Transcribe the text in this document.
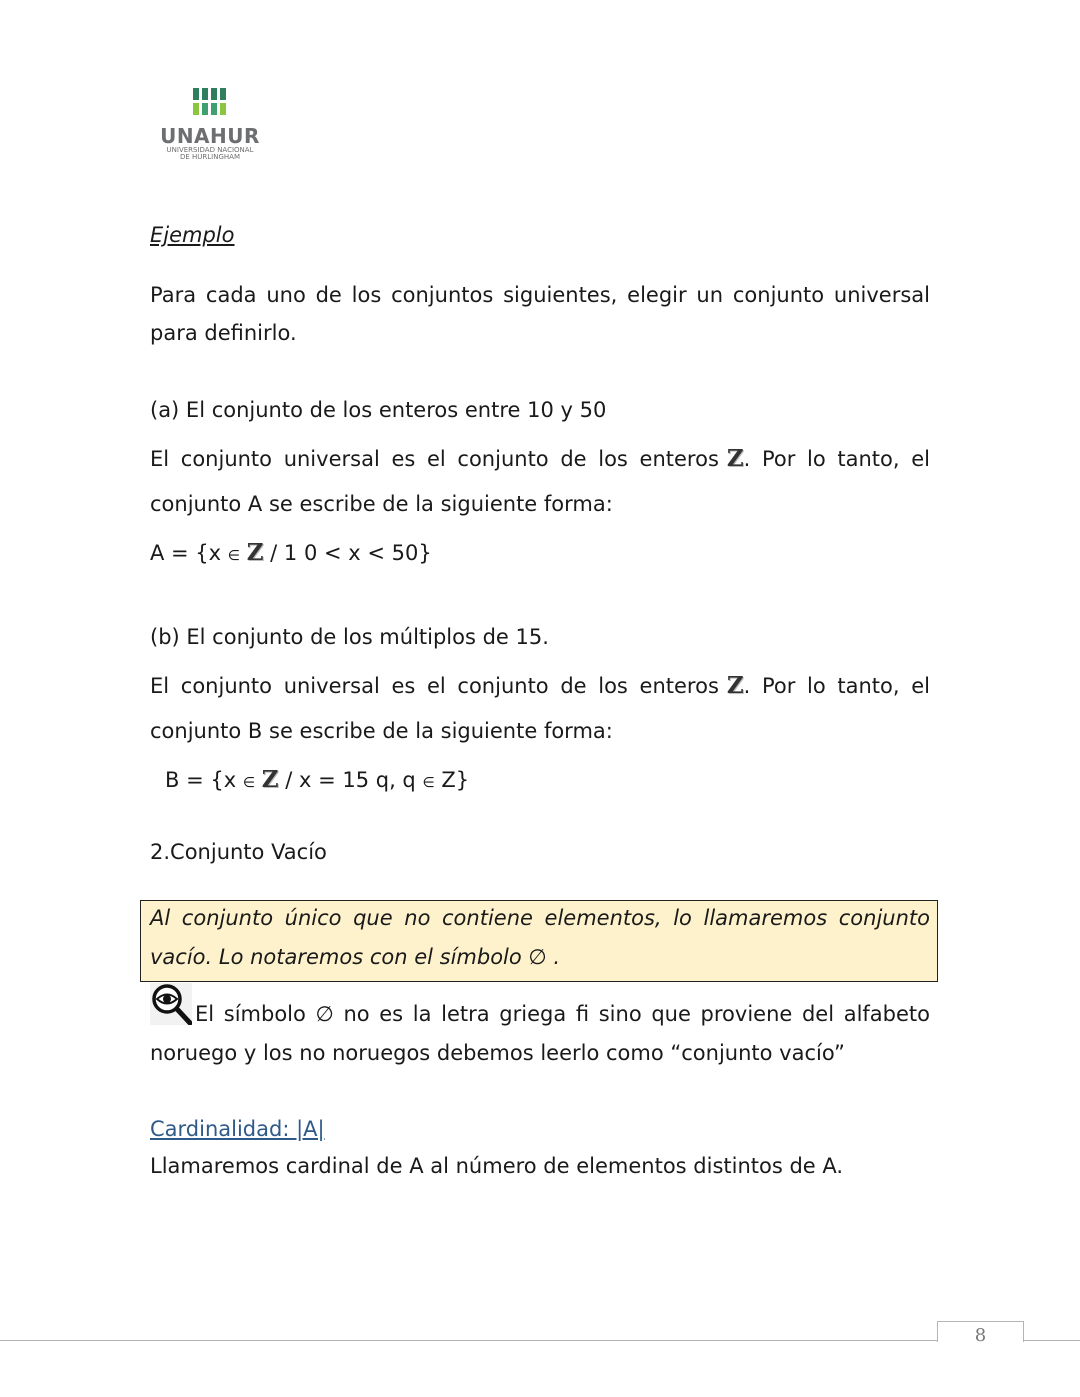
UNAHUR
UNIVERSIDAD NACIONAL
DE HURLINGHAM
Ejemplo
Para cada uno de los conjuntos siguientes, elegir un conjunto universal
para definirlo.
(a) El conjunto de los enteros entre 10 y 50
El conjunto universal es el conjunto de los enteros Z. Por lo tanto, el
conjunto A se escribe de la siguiente forma:
A = {x ∈ Z / 1 0 < x < 50}
(b) El conjunto de los múltiplos de 15.
El conjunto universal es el conjunto de los enteros Z. Por lo tanto, el
conjunto B se escribe de la siguiente forma:
B = {x ∈ Z / x = 15 q, q ∈ Z}
2.Conjunto Vacío
Al conjunto único que no contiene elementos, lo llamaremos conjunto
vacío. Lo notaremos con el símbolo ∅ .
El símbolo ∅ no es la letra griega fi sino que proviene del alfabeto
noruego y los no noruegos debemos leerlo como “conjunto vacío”
Cardinalidad: |A|
Llamaremos cardinal de A al número de elementos distintos de A.
8
